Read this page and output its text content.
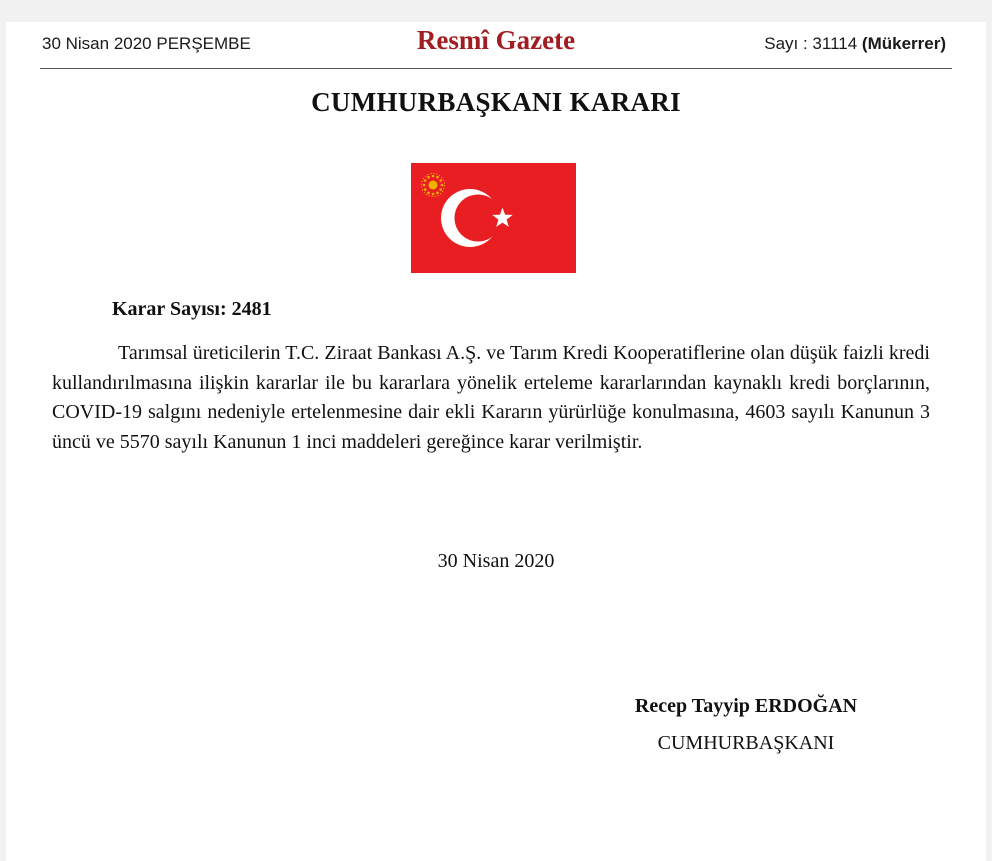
30 Nisan 2020 PERŞEMBE	Resmî Gazete	Sayı : 31114 (Mükerrer)
CUMHURBAŞKANI KARARI
Karar Sayısı: 2481

Tarımsal üreticilerin T.C. Ziraat Bankası A.Ş. ve Tarım Kredi Kooperatiflerine olan düşük faizli kredi kullandırılmasına ilişkin kararlar ile bu kararlara yönelik erteleme kararlarından kaynaklı kredi borçlarının, COVID-19 salgını nedeniyle ertelenmesine dair ekli Kararın yürürlüğe konulmasına, 4603 sayılı Kanunun 3 üncü ve 5570 sayılı Kanunun 1 inci maddeleri gereğince karar verilmiştir.

30 Nisan 2020
Recep Tayyip ERDOĞAN
CUMHURBAŞKANI
